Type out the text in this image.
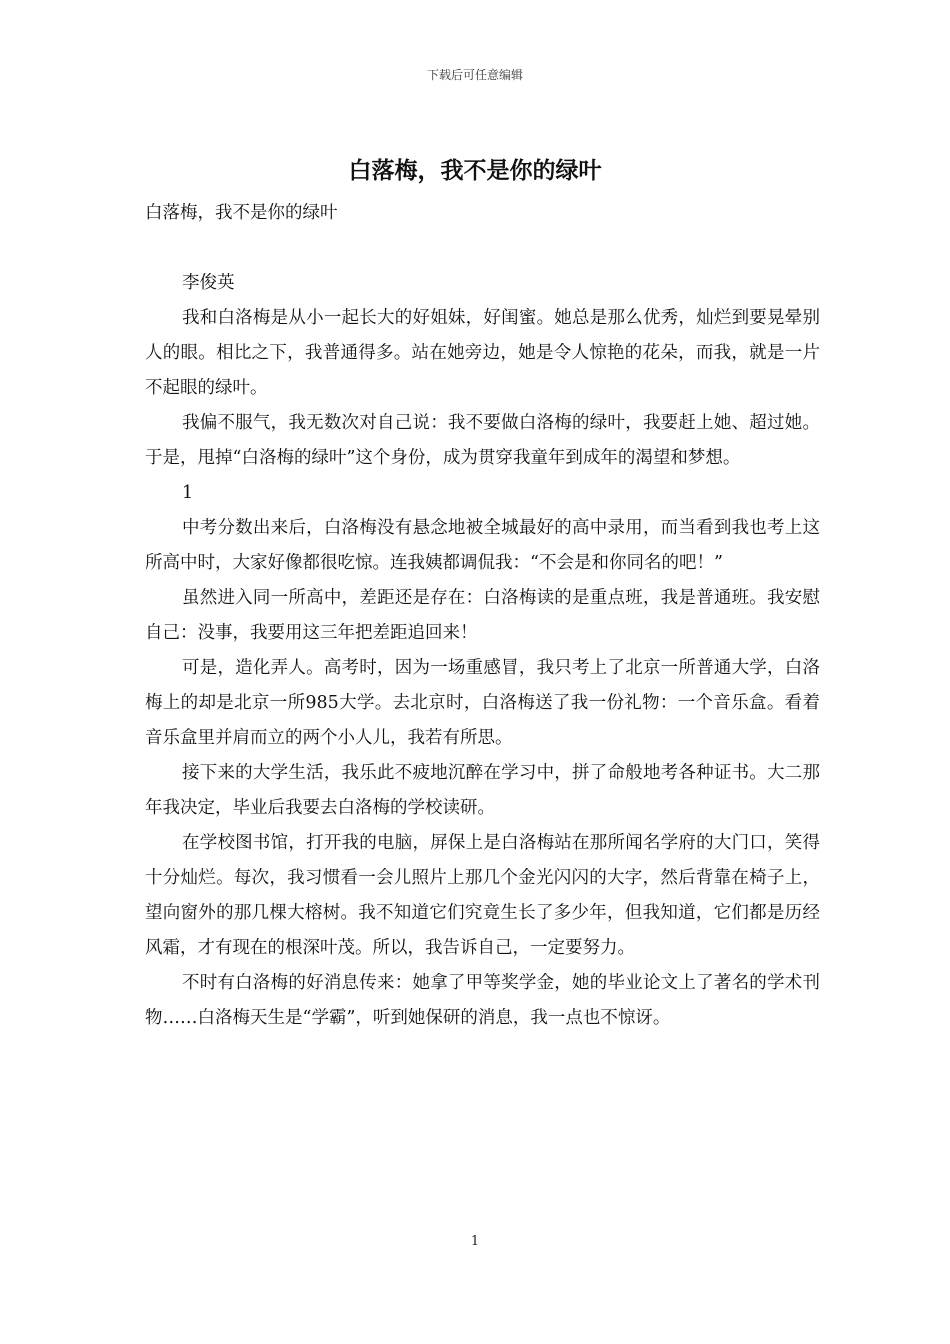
下载后可任意编辑
白落梅，我不是你的绿叶

白落梅，我不是你的绿叶

李俊英

我和白洛梅是从小一起长大的好姐妹，好闺蜜。她总是那么优秀，灿烂到要晃晕别人的眼。相比之下，我普通得多。站在她旁边，她是令人惊艳的花朵，而我，就是一片不起眼的绿叶。

我偏不服气，我无数次对自己说：我不要做白洛梅的绿叶，我要赶上她、超过她。于是，甩掉“白洛梅的绿叶”这个身份，成为贯穿我童年到成年的渴望和梦想。

1

中考分数出来后，白洛梅没有悬念地被全城最好的高中录用，而当看到我也考上这所高中时，大家好像都很吃惊。连我姨都调侃我：“不会是和你同名的吧！”

虽然进入同一所高中，差距还是存在：白洛梅读的是重点班，我是普通班。我安慰自己：没事，我要用这三年把差距追回来！

可是，造化弄人。高考时，因为一场重感冒，我只考上了北京一所普通大学，白洛梅上的却是北京一所985大学。去北京时，白洛梅送了我一份礼物：一个音乐盒。看着音乐盒里并肩而立的两个小人儿，我若有所思。

接下来的大学生活，我乐此不疲地沉醉在学习中，拼了命般地考各种证书。大二那年我决定，毕业后我要去白洛梅的学校读研。

在学校图书馆，打开我的电脑，屏保上是白洛梅站在那所闻名学府的大门口，笑得十分灿烂。每次，我习惯看一会儿照片上那几个金光闪闪的大字，然后背靠在椅子上，望向窗外的那几棵大榕树。我不知道它们究竟生长了多少年，但我知道，它们都是历经风霜，才有现在的根深叶茂。所以，我告诉自己，一定要努力。

不时有白洛梅的好消息传来：她拿了甲等奖学金，她的毕业论文上了著名的学术刊物……白洛梅天生是“学霸”，听到她保研的消息，我一点也不惊讶。

1
